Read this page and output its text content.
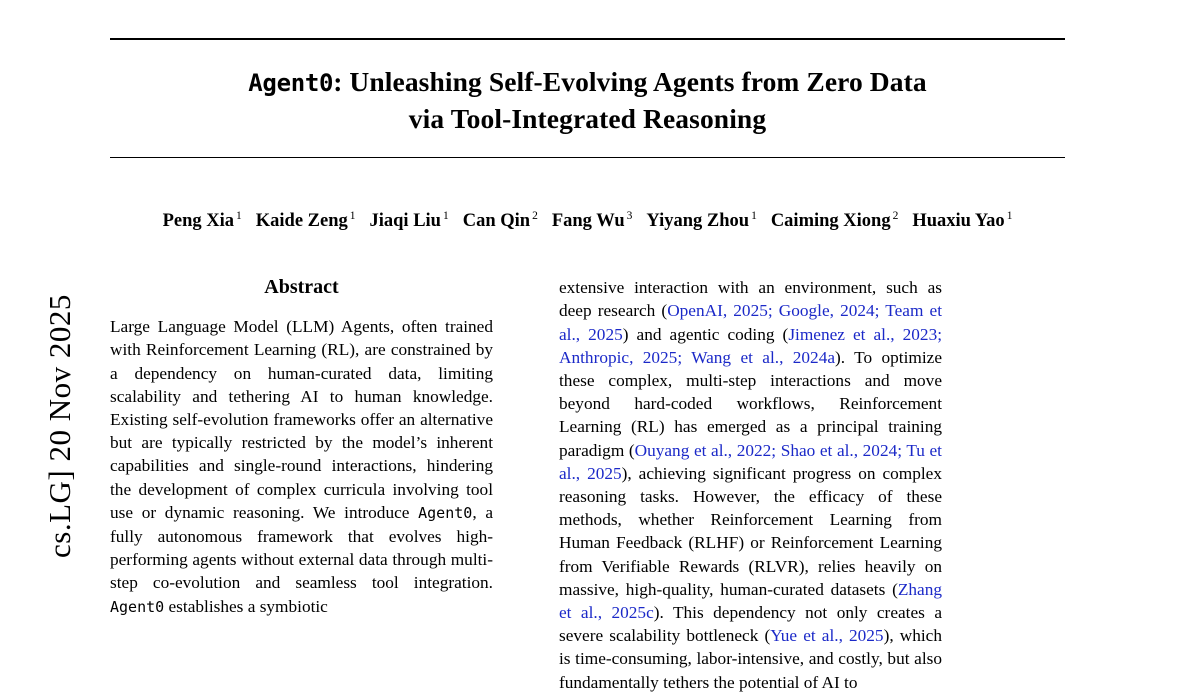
cs.LG] 20 Nov 2025
Agent0: Unleashing Self-Evolving Agents from Zero Data
via Tool-Integrated Reasoning
Peng Xia $^1$ Kaide Zeng $^1$ Jiaqi Liu $^1$ Can Qin $^2$ Fang Wu $^3$ Yiyang Zhou $^1$ Caiming Xiong $^2$ Huaxiu Yao $^1$
Abstract

Large Language Model (LLM) Agents, often trained with Reinforcement Learning (RL), are constrained by a dependency on human-curated data, limiting scalability and tethering AI to human knowledge. Existing self-evolution frameworks offer an alternative but are typically restricted by the model’s inherent capabilities and single-round interactions, hindering the development of complex curricula involving tool use or dynamic reasoning. We introduce Agent0, a fully autonomous framework that evolves high-performing agents without external data through multi-step co-evolution and seamless tool integration. Agent0 establishes a symbiotic

extensive interaction with an environment, such as deep research (OpenAI, 2025; Google, 2024; Team et al., 2025) and agentic coding (Jimenez et al., 2023; Anthropic, 2025; Wang et al., 2024a). To optimize these complex, multi-step interactions and move beyond hard-coded workflows, Reinforcement Learning (RL) has emerged as a principal training paradigm (Ouyang et al., 2022; Shao et al., 2024; Tu et al., 2025), achieving significant progress on complex reasoning tasks. However, the efficacy of these methods, whether Reinforcement Learning from Human Feedback (RLHF) or Reinforcement Learning from Verifiable Rewards (RLVR), relies heavily on massive, high-quality, human-curated datasets (Zhang et al., 2025c). This dependency not only creates a severe scalability bottleneck (Yue et al., 2025), which is time-consuming, labor-intensive, and costly, but also fundamentally tethers the potential of AI to
